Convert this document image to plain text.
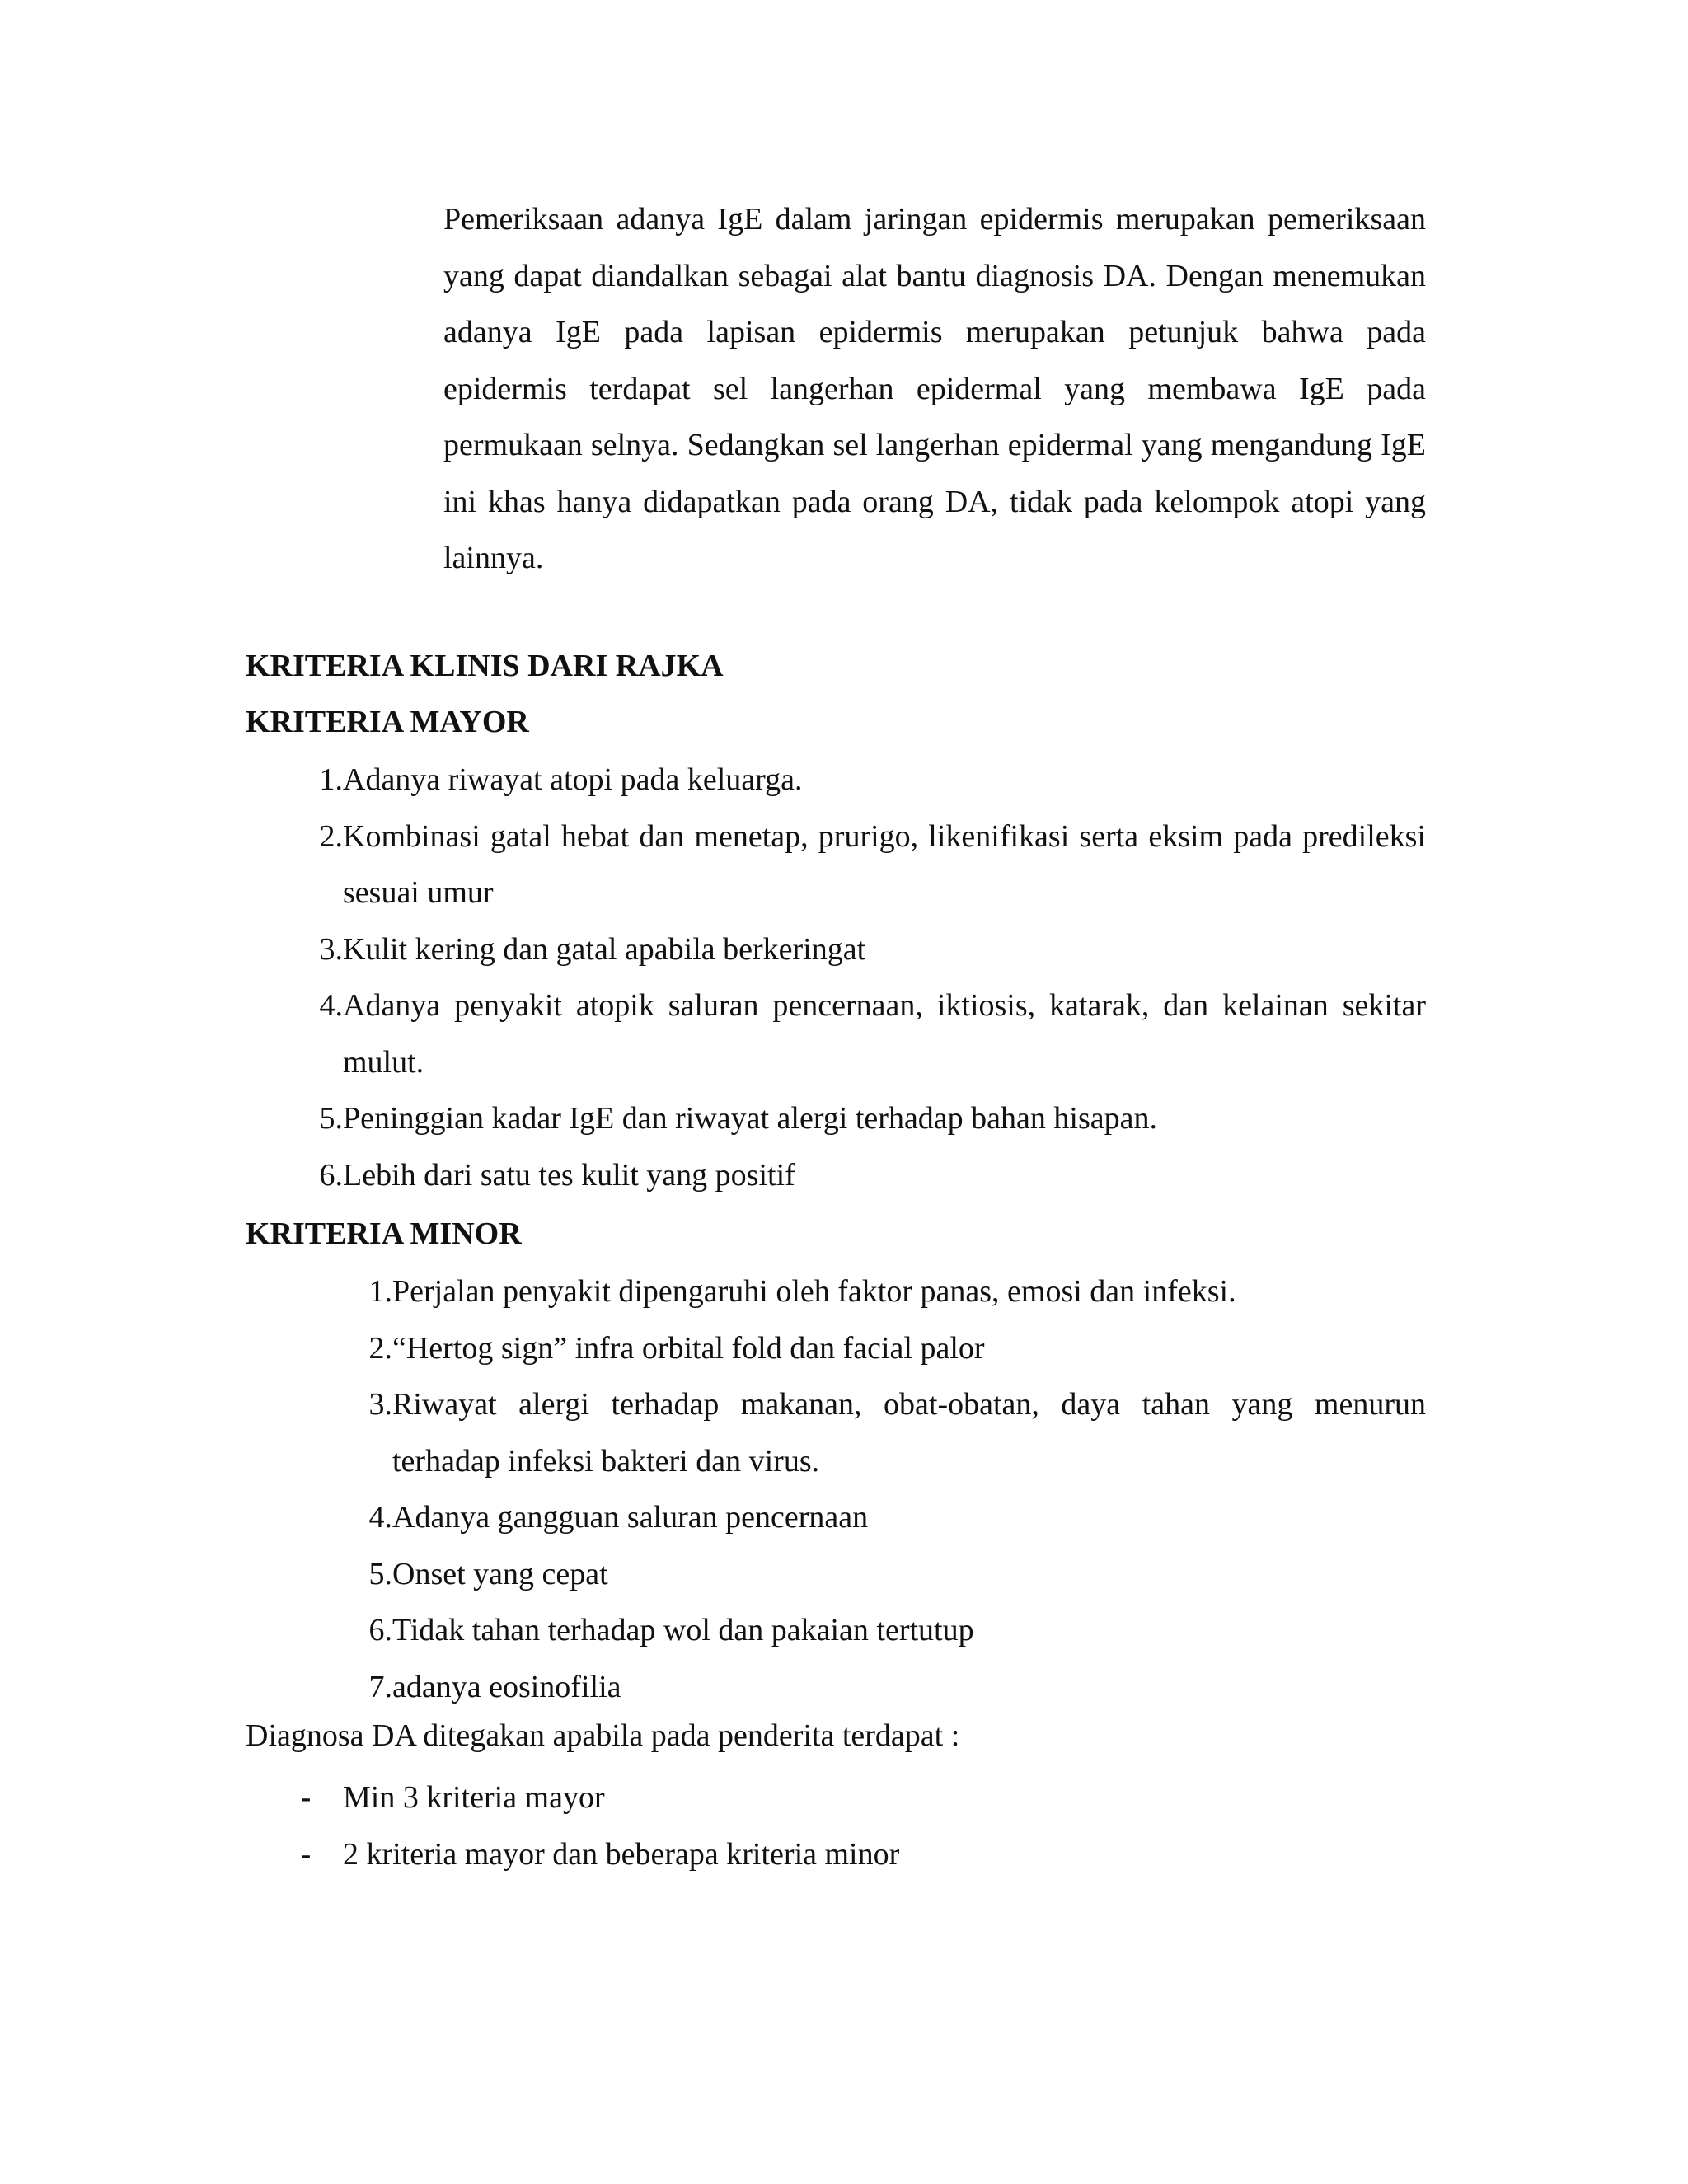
Pemeriksaan adanya IgE dalam jaringan epidermis merupakan pemeriksaan yang dapat diandalkan sebagai alat bantu diagnosis DA. Dengan menemukan adanya IgE pada lapisan epidermis merupakan petunjuk bahwa pada epidermis terdapat sel langerhan epidermal yang membawa IgE pada permukaan selnya. Sedangkan sel langerhan epidermal yang mengandung IgE ini khas hanya didapatkan pada orang DA, tidak pada kelompok atopi yang lainnya.

KRITERIA KLINIS DARI RAJKA
KRITERIA MAYOR
1. Adanya riwayat atopi pada keluarga.
2. Kombinasi gatal hebat dan menetap, prurigo, likenifikasi serta eksim pada predileksi sesuai umur
3. Kulit kering dan gatal apabila berkeringat
4. Adanya penyakit atopik saluran pencernaan, iktiosis, katarak, dan kelainan sekitar mulut.
5. Peninggian kadar IgE dan riwayat alergi terhadap bahan hisapan.
6. Lebih dari satu tes kulit yang positif
KRITERIA MINOR
1. Perjalan penyakit dipengaruhi oleh faktor panas, emosi dan infeksi.
2. “Hertog sign” infra orbital fold dan facial palor
3. Riwayat alergi terhadap makanan, obat-obatan, daya tahan yang menurun terhadap infeksi bakteri dan virus.
4. Adanya gangguan saluran pencernaan
5. Onset yang cepat
6. Tidak tahan terhadap wol dan pakaian tertutup
7. adanya eosinofilia

Diagnosa DA ditegakan apabila pada penderita terdapat :

- Min 3 kriteria mayor
- 2 kriteria mayor dan beberapa kriteria minor
